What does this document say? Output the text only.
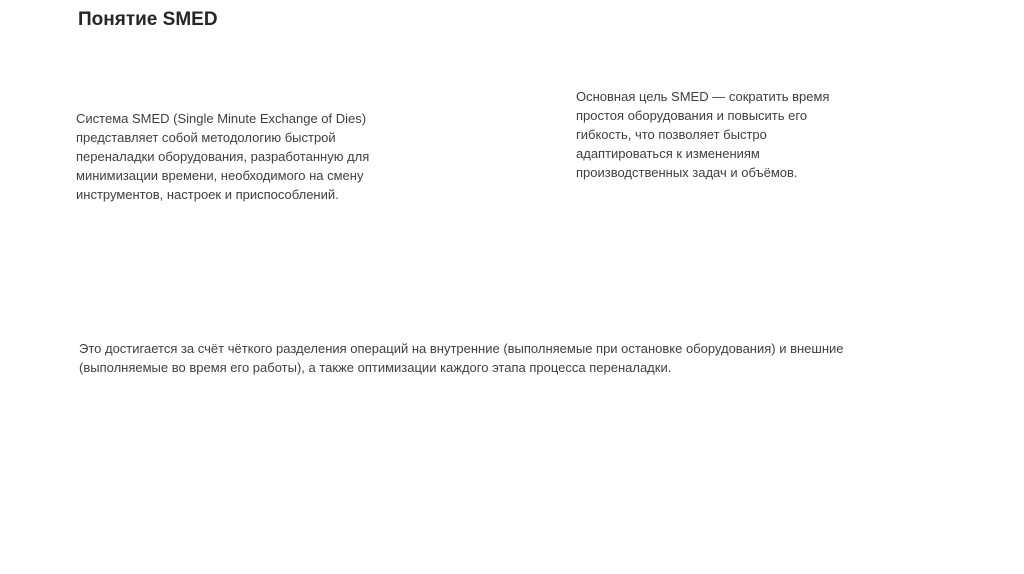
Понятие SMED

Система SMED (Single Minute Exchange of Dies) представляет собой методологию быстрой переналадки оборудования, разработанную для минимизации времени, необходимого на смену инструментов, настроек и приспособлений.

Основная цель SMED — сократить время простоя оборудования и повысить его гибкость, что позволяет быстро адаптироваться к изменениям производственных задач и объёмов.

Это достигается за счёт чёткого разделения операций на внутренние (выполняемые при остановке оборудования) и внешние (выполняемые во время его работы), а также оптимизации каждого этапа процесса переналадки.
